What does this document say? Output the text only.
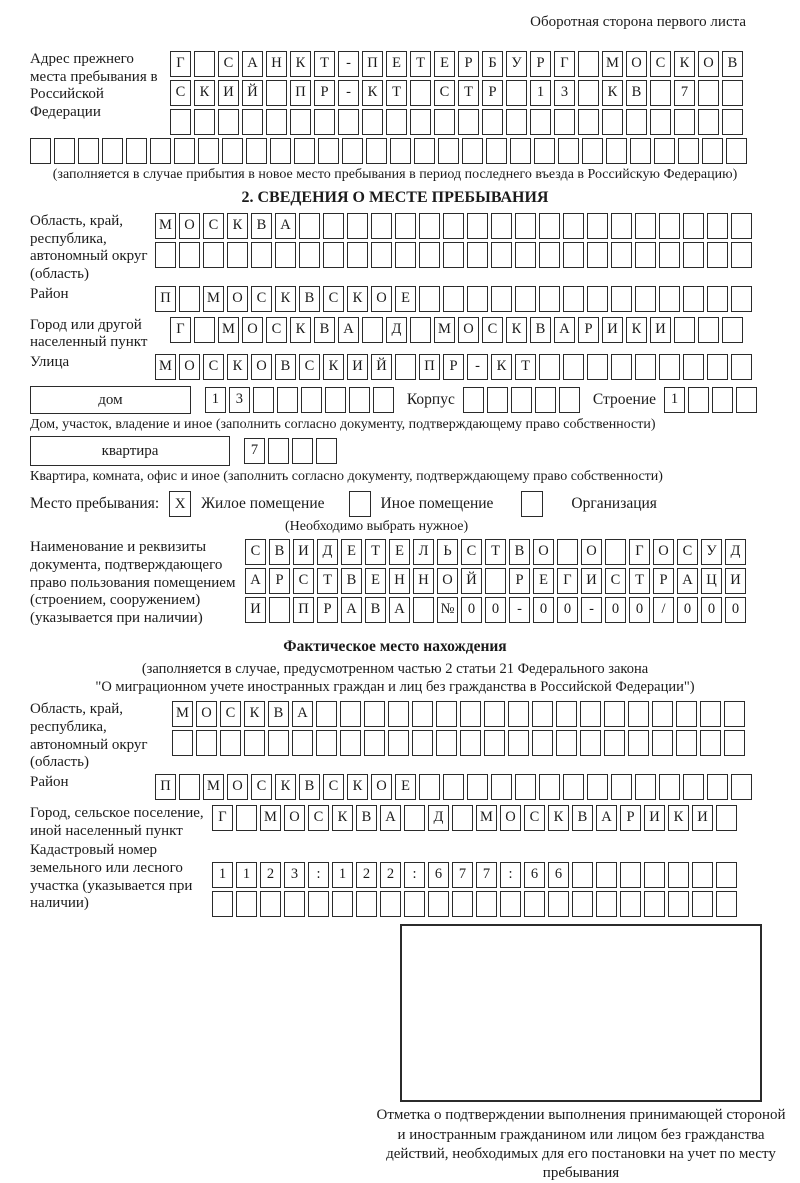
Оборотная сторона первого листа
Адрес прежнего места пребывания в Российской Федерации
Г	С А Н К Т - П Е Т Е Р Б У Р Г	М О С К О В
С К И Й	П Р - К Т	С Т Р	1 3	К В	7
(заполняется в случае прибытия в новое место пребывания в период последнего въезда в Российскую Федерацию)
2. СВЕДЕНИЯ О МЕСТЕ ПРЕБЫВАНИЯ
Область, край, республика, автономный округ (область)
М О С К В А
Район	П	М О С К В С К О Е
Город или другой населенный пункт
Г	М О С К В А	Д	М О С К В А Р И К И
Улица	М О С К О В С К И Й	П Р - К Т
дом	1 3	Корпус	Строение	1
Дом, участок, владение и иное (заполнить согласно документу, подтверждающему право собственности)
квартира	7
Квартира, комната, офис и иное (заполнить согласно документу, подтверждающему право собственности)
Место пребывания:	X	Жилое помещение	Иное помещение	Организация
(Необходимо выбрать нужное)
Наименование и реквизиты документа, подтверждающего право пользования помещением (строением, сооружением) (указывается при наличии)
С В И Д Е Т Е Л Ь С Т В О	О	Г О С У Д
А Р С Т В Е Н Н О Й	Р Е Г И С Т Р А Ц И
И	П Р А В А № 0 0 - 0 0 - 0 0 / 0 0 0
Фактическое место нахождения
(заполняется в случае, предусмотренном частью 2 статьи 21 Федерального закона
"О миграционном учете иностранных граждан и лиц без гражданства в Российской Федерации")
Область, край, республика, автономный округ (область)
М О С К В А
Район	П	М О С К В С К О Е
Город, сельское поселение, иной населенный пункт
Г	М О С К В А	Д	М О С К В А Р И К И
Кадастровый номер земельного или лесного участка (указывается при наличии)
1 1 2 3 : 1 2 2 : 6 7 7 : 6 6
Отметка о подтверждении выполнения принимающей стороной и иностранным гражданином или лицом без гражданства действий, необходимых для его постановки на учет по месту пребывания
